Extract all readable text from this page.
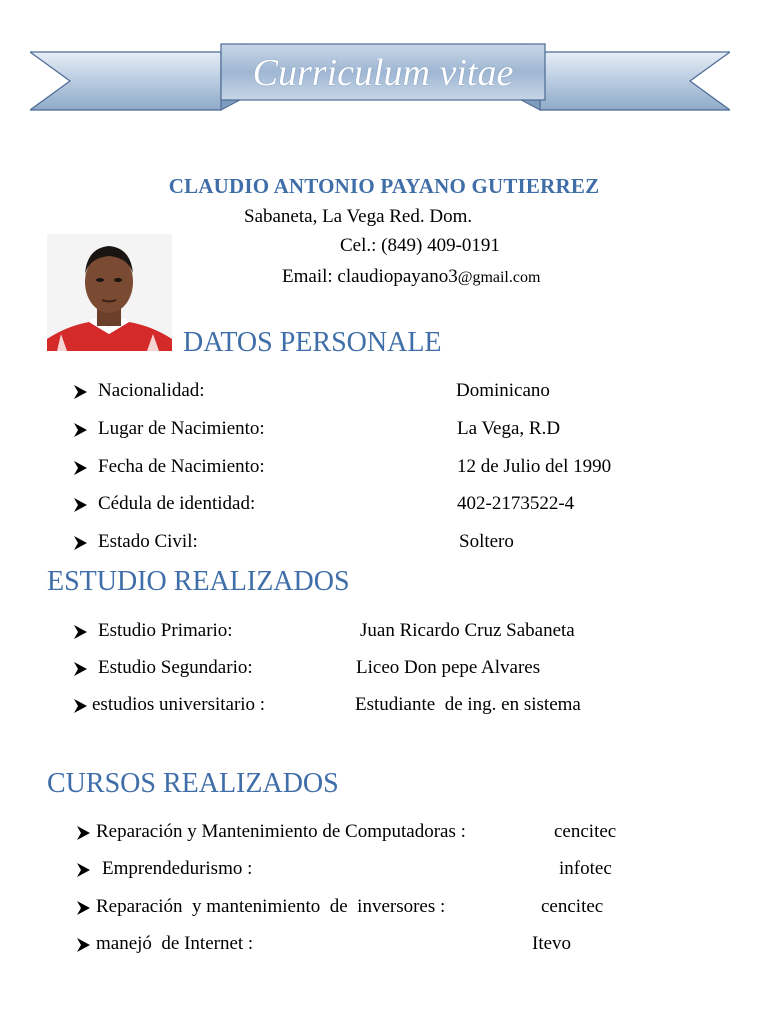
Curriculum vitae
CLAUDIO ANTONIO PAYANO GUTIERREZ
Sabaneta, La Vega Red. Dom.
Cel.: (849) 409-0191
Email: claudiopayano3@gmail.com
DATOS PERSONALE
ESTUDIO REALIZADOS
CURSOS REALIZADOS
Nacionalidad:	Dominicano
Lugar de Nacimiento:	La Vega, R.D
Fecha de Nacimiento:	12 de Julio del 1990
Cédula de identidad:	402-2173522-4
Estado Civil:	Soltero
Estudio Primario:	Juan Ricardo Cruz Sabaneta
Estudio Segundario:	Liceo Don pepe Alvares
estudios universitario :	Estudiante  de ing. en sistema
Reparación y Mantenimiento de Computadoras :	cencitec
Emprendedurismo :	infotec
Reparación  y mantenimiento  de  inversores :	cencitec
manejó  de Internet :	Itevo
